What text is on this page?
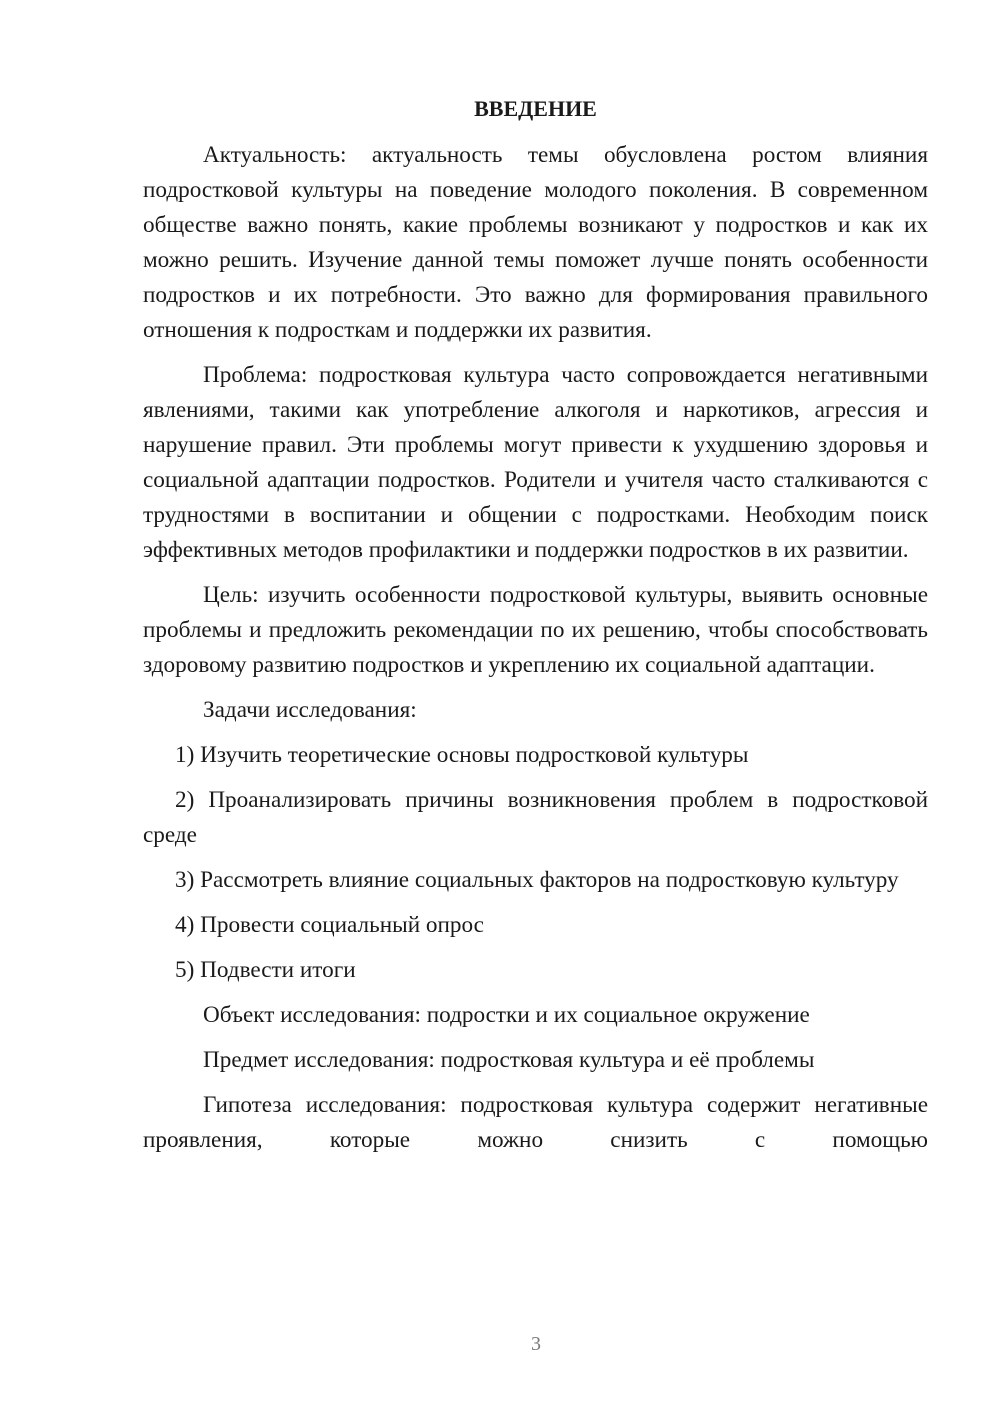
ВВЕДЕНИЕ

Актуальность: актуальность темы обусловлена ростом влияния подростковой культуры на поведение молодого поколения. В современном обществе важно понять, какие проблемы возникают у подростков и как их можно решить. Изучение данной темы поможет лучше понять особенности подростков и их потребности. Это важно для формирования правильного отношения к подросткам и поддержки их развития.

Проблема: подростковая культура часто сопровождается негативными явлениями, такими как употребление алкоголя и наркотиков, агрессия и нарушение правил. Эти проблемы могут привести к ухудшению здоровья и социальной адаптации подростков. Родители и учителя часто сталкиваются с трудностями в воспитании и общении с подростками. Необходим поиск эффективных методов профилактики и поддержки подростков в их развитии.

Цель: изучить особенности подростковой культуры, выявить основные проблемы и предложить рекомендации по их решению, чтобы способствовать здоровому развитию подростков и укреплению их социальной адаптации.

Задачи исследования:

1) Изучить теоретические основы подростковой культуры

2) Проанализировать причины возникновения проблем в подростковой среде

3) Рассмотреть влияние социальных факторов на подростковую культуру

4) Провести социальный опрос

5) Подвести итоги

Объект исследования: подростки и их социальное окружение

Предмет исследования: подростковая культура и её проблемы

Гипотеза исследования: подростковая культура содержит негативные проявления, которые можно снизить с помощью

3
